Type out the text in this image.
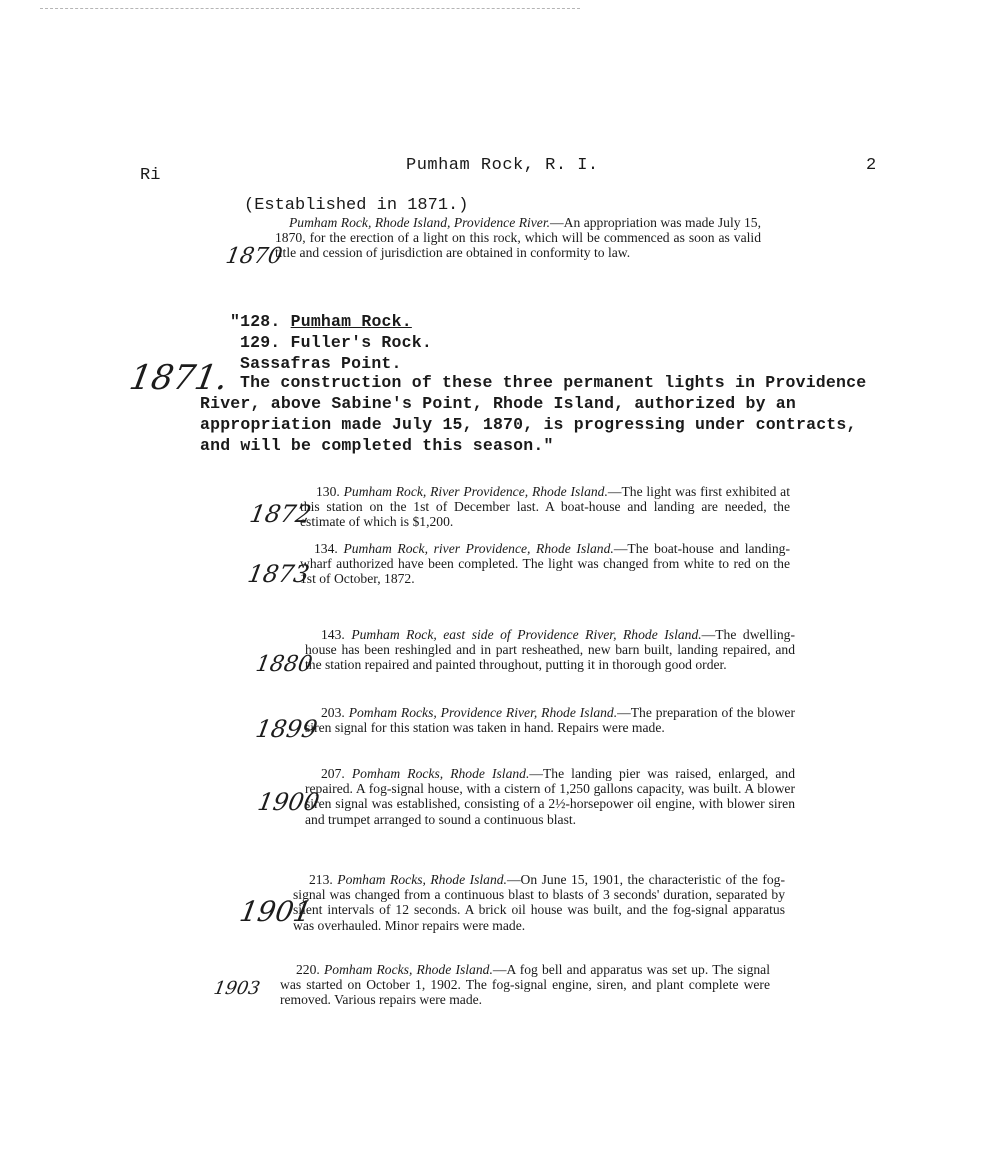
Ri
Pumham Rock, R. I.	2
(Established in 1871.)
1870
Pumham Rock, Rhode Island, Providence River.—An appropriation was made July 15, 1870, for the erection of a light on this rock, which will be commenced as soon as valid title and cession of jurisdiction are obtained in conformity to law.
1871.
"128. Pumham Rock.
129. Fuller's Rock.
Sassafras Point.
The construction of these three permanent lights in Providence River, above Sabine's Point, Rhode Island, authorized by an appropriation made July 15, 1870, is progressing under contracts, and will be completed this season."
1872
130. Pumham Rock, River Providence, Rhode Island.—The light was first exhibited at this station on the 1st of December last. A boat-house and landing are needed, the estimate of which is $1,200.
1873
134. Pumham Rock, river Providence, Rhode Island.—The boat-house and landing-wharf authorized have been completed. The light was changed from white to red on the 1st of October, 1872.
1880
143. Pumham Rock, east side of Providence River, Rhode Island.—The dwelling-house has been reshingled and in part resheathed, new barn built, landing repaired, and the station repaired and painted throughout, putting it in thorough good order.
1899
203. Pomham Rocks, Providence River, Rhode Island.—The preparation of the blower siren signal for this station was taken in hand. Repairs were made.
1900
207. Pomham Rocks, Rhode Island.—The landing pier was raised, enlarged, and repaired. A fog-signal house, with a cistern of 1,250 gallons capacity, was built. A blower siren signal was established, consisting of a 2½-horsepower oil engine, with blower siren and trumpet arranged to sound a continuous blast.
1901
213. Pomham Rocks, Rhode Island.—On June 15, 1901, the characteristic of the fog-signal was changed from a continuous blast to blasts of 3 seconds' duration, separated by silent intervals of 12 seconds. A brick oil house was built, and the fog-signal apparatus was overhauled. Minor repairs were made.
1903
220. Pomham Rocks, Rhode Island.—A fog bell and apparatus was set up. The signal was started on October 1, 1902. The fog-signal engine, siren, and plant complete were removed. Various repairs were made.
